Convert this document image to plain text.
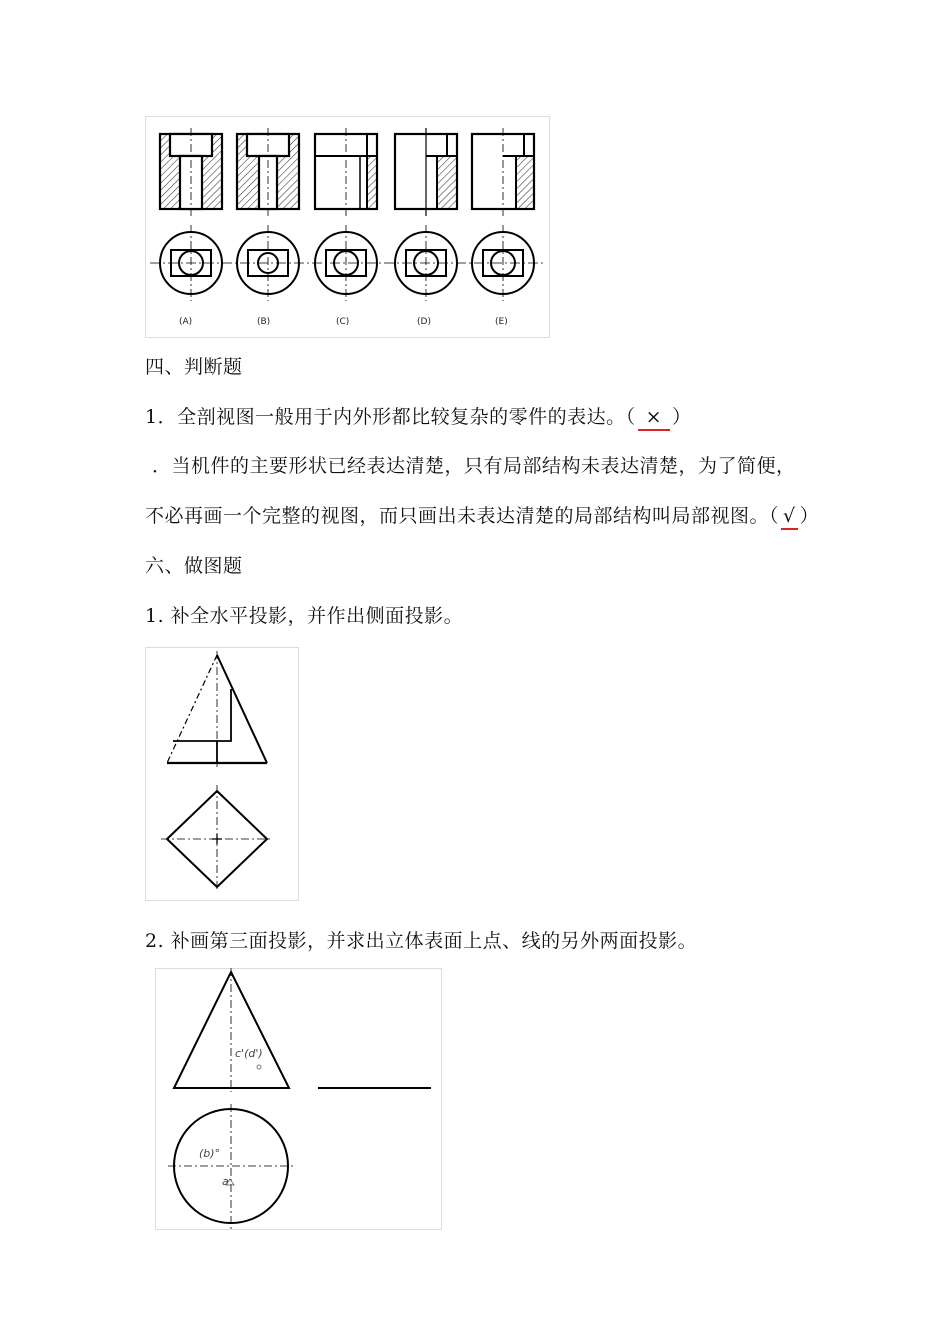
(A)	(B)	(C)	(D)	(E)
四、判断题
1．全剖视图一般用于内外形都比较复杂的零件的表达。（ × ）
．当机件的主要形状已经表达清楚，只有局部结构未表达清楚，为了简便，
不必再画一个完整的视图，而只画出未表达清楚的局部结构叫局部视图。（ √ ）
六、做图题
1. 补全水平投影，并作出侧面投影。
2. 补画第三面投影，并求出立体表面上点、线的另外两面投影。
c'(d')
(b)°
a
